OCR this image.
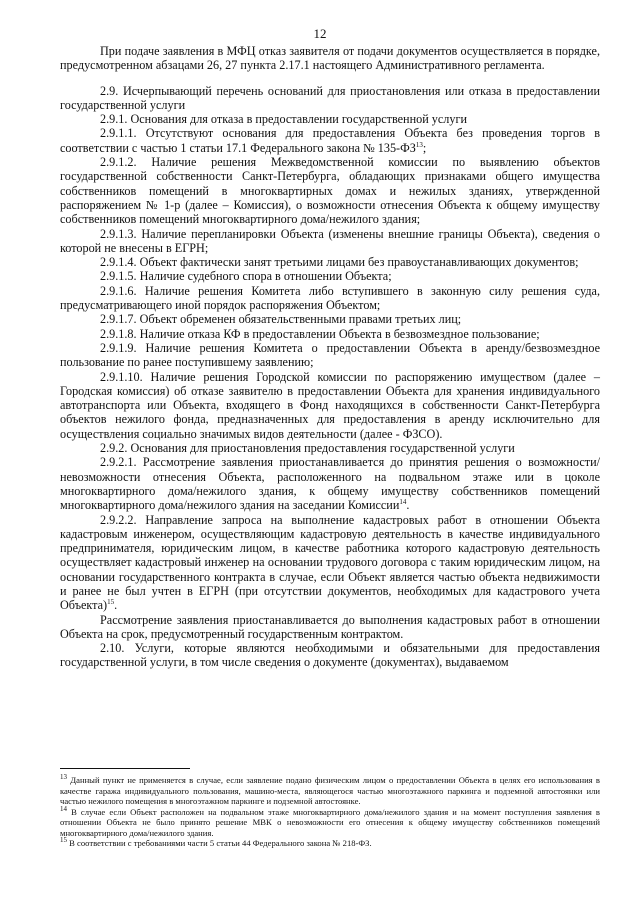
12

При подаче заявления в МФЦ отказ заявителя от подачи документов осуществляется в порядке, предусмотренном абзацами 26, 27 пункта 2.17.1 настоящего Административного регламента.

2.9. Исчерпывающий перечень оснований для приостановления или отказа в предоставлении государственной услуги

2.9.1. Основания для отказа в предоставлении государственной услуги

2.9.1.1. Отсутствуют основания для предоставления Объекта без проведения торгов в соответствии с частью 1 статьи 17.1 Федерального закона № 135-ФЗ$^{13}$;

2.9.1.2. Наличие решения Межведомственной комиссии по выявлению объектов государственной собственности Санкт-Петербурга, обладающих признаками общего имущества собственников помещений в многоквартирных домах и нежилых зданиях, утвержденной распоряжением № 1-р (далее – Комиссия), о возможности отнесения Объекта к общему имуществу собственников помещений многоквартирного дома/нежилого здания;

2.9.1.3. Наличие перепланировки Объекта (изменены внешние границы Объекта), сведения о которой не внесены в ЕГРН;

2.9.1.4. Объект фактически занят третьими лицами без правоустанавливающих документов;

2.9.1.5. Наличие судебного спора в отношении Объекта;

2.9.1.6. Наличие решения Комитета либо вступившего в законную силу решения суда, предусматривающего иной порядок распоряжения Объектом;

2.9.1.7. Объект обременен обязательственными правами третьих лиц;

2.9.1.8. Наличие отказа КФ в предоставлении Объекта в безвозмездное пользование;

2.9.1.9. Наличие решения Комитета о предоставлении Объекта в аренду/безвозмездное пользование по ранее поступившему заявлению;

2.9.1.10. Наличие решения Городской комиссии по распоряжению имуществом (далее – Городская комиссия) об отказе заявителю в предоставлении Объекта для хранения индивидуального автотранспорта или Объекта, входящего в Фонд находящихся в собственности Санкт-Петербурга объектов нежилого фонда, предназначенных для предоставления в аренду исключительно для осуществления социально значимых видов деятельности (далее - ФЗСО).

2.9.2. Основания для приостановления предоставления государственной услуги

2.9.2.1. Рассмотрение заявления приостанавливается до принятия решения о возможности/невозможности отнесения Объекта, расположенного на подвальном этаже или в цоколе многоквартирного дома/нежилого здания, к общему имуществу собственников помещений многоквартирного дома/нежилого здания на заседании Комиссии$^{14}$.

2.9.2.2. Направление запроса на выполнение кадастровых работ в отношении Объекта кадастровым инженером, осуществляющим кадастровую деятельность в качестве индивидуального предпринимателя, юридическим лицом, в качестве работника которого кадастровую деятельность осуществляет кадастровый инженер на основании трудового договора с таким юридическим лицом, на основании государственного контракта в случае, если Объект является частью объекта недвижимости и ранее не был учтен в ЕГРН (при отсутствии документов, необходимых для кадастрового учета Объекта)$^{15}$.

Рассмотрение заявления приостанавливается до выполнения кадастровых работ в отношении Объекта на срок, предусмотренный государственным контрактом.

2.10. Услуги, которые являются необходимыми и обязательными для предоставления государственной услуги, в том числе сведения о документе (документах), выдаваемом

$^{13}$ Данный пункт не применяется в случае, если заявление подано физическим лицом о предоставлении Объекта в целях его использования в качестве гаража индивидуального пользования, машино-места, являющегося частью многоэтажного паркинга и подземной автостоянки или частью нежилого помещения в многоэтажном паркинге и подземной автостоянке.

$^{14}$ В случае если Объект расположен на подвальном этаже многоквартирного дома/нежилого здания и на момент поступления заявления в отношении Объекта не было принято решение МВК о невозможности его отнесения к общему имуществу собственников помещений многоквартирного дома/нежилого здания.

$^{15}$ В соответствии с требованиями части 5 статьи 44 Федерального закона № 218-ФЗ.
